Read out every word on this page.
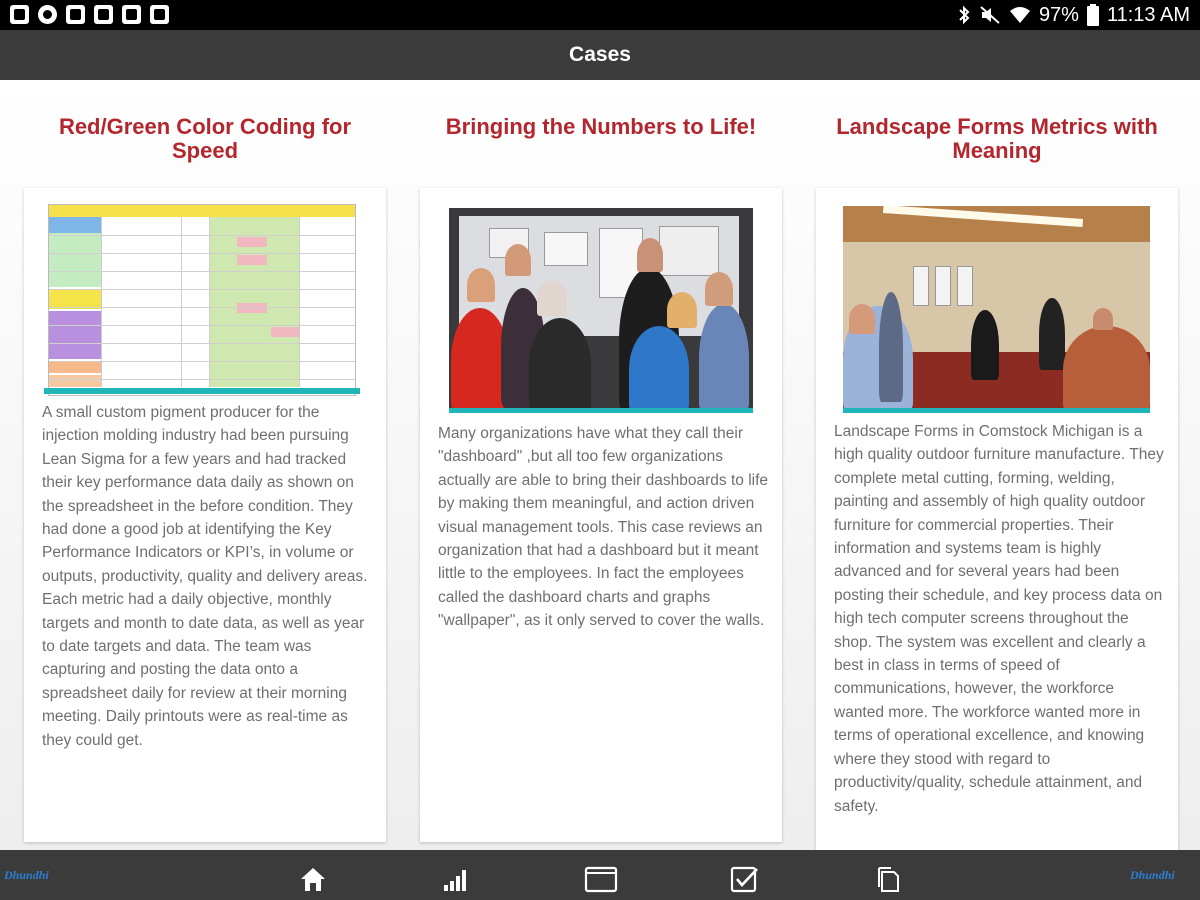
97% 11:13 AM
Cases
Red/Green Color Coding for Speed
A small custom pigment producer for the injection molding industry had been pursuing Lean Sigma for a few years and had tracked their key performance data daily as shown on the spreadsheet in the before condition. They had done a good job at identifying the Key Performance Indicators or KPI’s, in volume or outputs, productivity, quality and delivery areas. Each metric had a daily objective, monthly targets and month to date data, as well as year to date targets and data. The team was capturing and posting the data onto a spreadsheet daily for review at their morning meeting. Daily printouts were as real-time as they could get.
Bringing the Numbers to Life!
Many organizations have what they call their "dashboard" ,but all too few organizations actually are able to bring their dashboards to life by making them meaningful, and action driven visual management tools. This case reviews an organization that had a dashboard but it meant little to the employees. In fact the employees called the dashboard charts and graphs "wallpaper", as it only served to cover the walls.
Landscape Forms Metrics with Meaning
Landscape Forms in Comstock Michigan is a high quality outdoor furniture manufacture. They complete metal cutting, forming, welding, painting and assembly of high quality outdoor furniture for commercial properties. Their information and systems team is highly advanced and for several years had been posting their schedule, and key process data on high tech computer screens throughout the shop. The system was excellent and clearly a best in class in terms of speed of communications, however, the workforce wanted more. The workforce wanted more in terms of operational excellence, and knowing where they stood with regard to productivity/quality, schedule attainment, and safety.
Dhundhi	Dhundhi
